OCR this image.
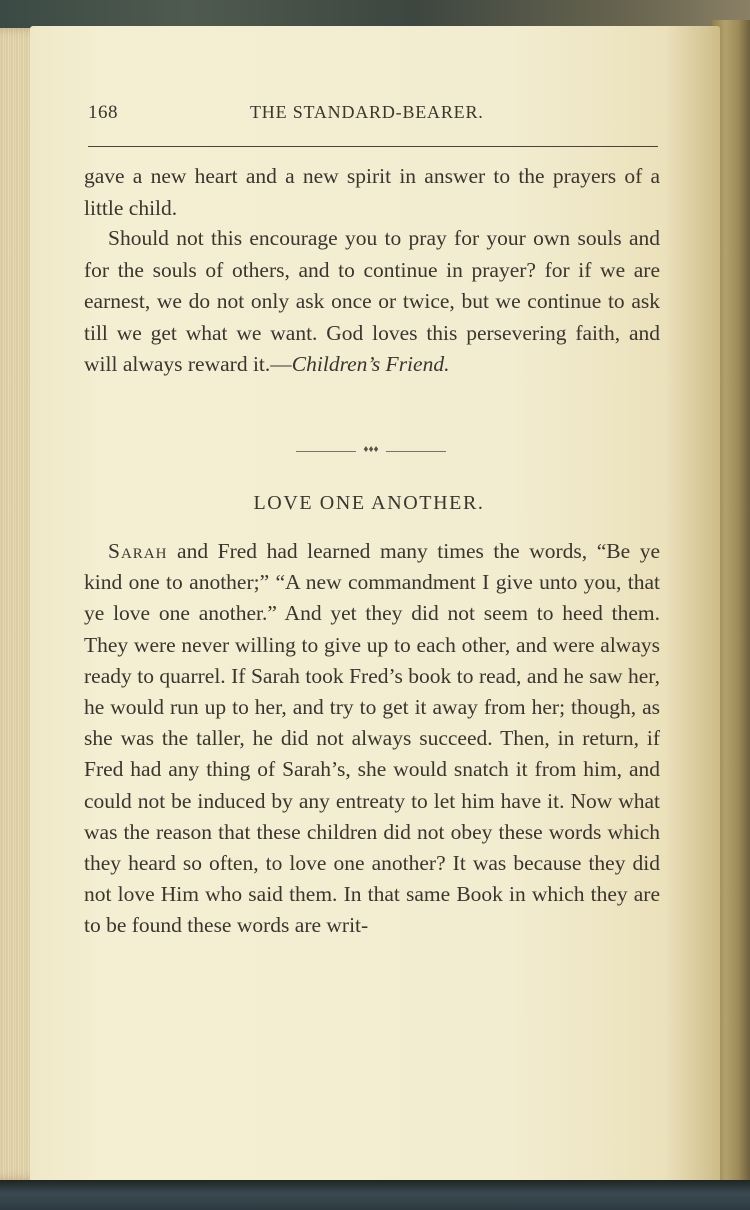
168	THE STANDARD-BEARER.

gave a new heart and a new spirit in answer to the prayers of a little child.

Should not this encourage you to pray for your own souls and for the souls of others, and to continue in prayer? for if we are earnest, we do not only ask once or twice, but we continue to ask till we get what we want. God loves this persevering faith, and will always reward it.—Children’s Friend.

♦♦♦
LOVE ONE ANOTHER.

Sarah and Fred had learned many times the words, “Be ye kind one to another;” “A new commandment I give unto you, that ye love one another.” And yet they did not seem to heed them. They were never willing to give up to each other, and were always ready to quarrel. If Sarah took Fred’s book to read, and he saw her, he would run up to her, and try to get it away from her; though, as she was the taller, he did not always succeed. Then, in return, if Fred had any thing of Sarah’s, she would snatch it from him, and could not be induced by any entreaty to let him have it. Now what was the reason that these children did not obey these words which they heard so often, to love one another? It was because they did not love Him who said them. In that same Book in which they are to be found these words are writ-
